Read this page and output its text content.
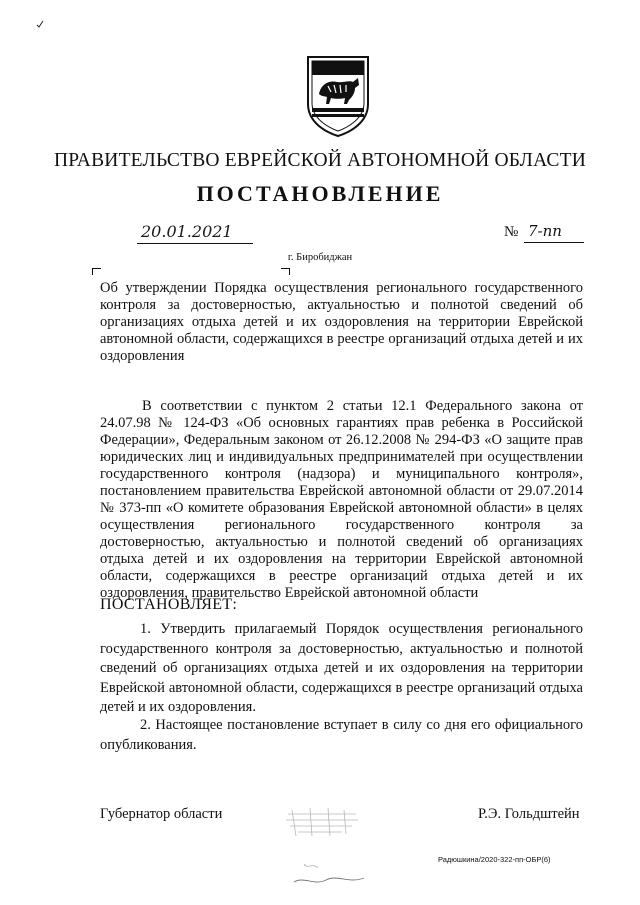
ПРАВИТЕЛЬСТВО ЕВРЕЙСКОЙ АВТОНОМНОЙ ОБЛАСТИ
ПОСТАНОВЛЕНИЕ
20.01.2021	№ 7-пп
г. Биробиджан
Об утверждении Порядка осуществления регионального государственного контроля за достоверностью, актуальностью и полнотой сведений об организациях отдыха детей и их оздоровления на территории Еврейской автономной области, содержащихся в реестре организаций отдыха детей и их оздоровления
В соответствии с пунктом 2 статьи 12.1 Федерального закона от 24.07.98 № 124-ФЗ «Об основных гарантиях прав ребенка в Российской Федерации», Федеральным законом от 26.12.2008 № 294-ФЗ «О защите прав юридических лиц и индивидуальных предпринимателей при осуществлении государственного контроля (надзора) и муниципального контроля», постановлением правительства Еврейской автономной области от 29.07.2014 № 373-пп «О комитете образования Еврейской автономной области» в целях осуществления регионального государственного контроля за достоверностью, актуальностью и полнотой сведений об организациях отдыха детей и их оздоровления на территории Еврейской автономной области, содержащихся в реестре организаций отдыха детей и их оздоровления, правительство Еврейской автономной области
ПОСТАНОВЛЯЕТ:
1. Утвердить прилагаемый Порядок осуществления регионального государственного контроля за достоверностью, актуальностью и полнотой сведений об организациях отдыха детей и их оздоровления на территории Еврейской автономной области, содержащихся в реестре организаций отдыха детей и их оздоровления.
2. Настоящее постановление вступает в силу со дня его официального опубликования.
Губернатор области	Р.Э. Гольдштейн
Радюшкина/2020-322-пп-ОБР(6)
